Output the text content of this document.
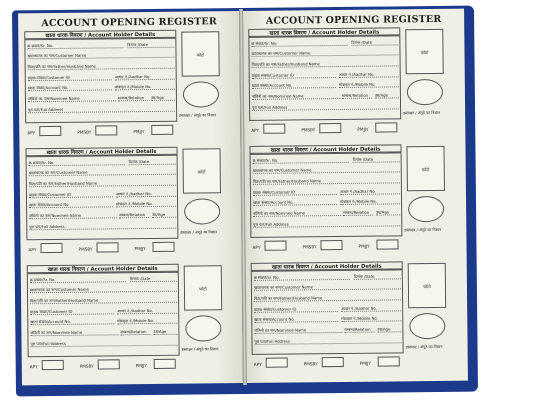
ACCOUNT OPENING REGISTER
खाता धारक विवरण / Account Holder Details
क्र संख्या/Sr. No.	दिनांक /Date
खाताधारक का नाम/Customer Name
पिता/पति का नाम/Father/Husband Name
ग्राहक संख्या/Customer ID	आधार नं./Aadhar No.
खाता संख्या/Account No.	मोबाइल नं./Mobile No.
नॉमिनी का नाम/Nominee Name	सम्बन्ध/Relation	उम्र/Age
पूरा पता/Full Address
फोटो
हस्ताक्षर / अंगूठे का निशान
APY	PMSBY	PMJJY
खाता धारक विवरण / Account Holder Details
क्र संख्या/Sr. No.	दिनांक /Date
खाताधारक का नाम/Customer Name
पिता/पति का नाम/Father/Husband Name
ग्राहक संख्या/Customer ID	आधार नं./Aadhar No.
खाता संख्या/Account No.	मोबाइल नं./Mobile No.
नॉमिनी का नाम/Nominee Name	सम्बन्ध/Relation	उम्र/Age
पूरा पता/Full Address
फोटो
हस्ताक्षर / अंगूठे का निशान
APY	PMSBY	PMJJY
खाता धारक विवरण / Account Holder Details
क्र संख्या/Sr. No.	दिनांक /Date
खाताधारक का नाम/Customer Name
पिता/पति का नाम/Father/Husband Name
ग्राहक संख्या/Customer ID	आधार नं./Aadhar No.
खाता संख्या/Account No.	मोबाइल नं./Mobile No.
नॉमिनी का नाम/Nominee Name	सम्बन्ध/Relation	उम्र/Age
पूरा पता/Full Address
फोटो
हस्ताक्षर / अंगूठे का निशान
APY	PMSBY	PMJJY
ACCOUNT OPENING REGISTER
खाता धारक विवरण / Account Holder Details
क्र संख्या/Sr. No.	दिनांक /Date
खाताधारक का नाम/Customer Name
पिता/पति का नाम/Father/Husband Name
ग्राहक संख्या/Customer ID	आधार नं./Aadhar No.
खाता संख्या/Account No.	मोबाइल नं./Mobile No.
नॉमिनी का नाम/Nominee Name	सम्बन्ध/Relation	उम्र/Age
पूरा पता/Full Address
फोटो
हस्ताक्षर / अंगूठे का निशान
APY	PMSBY	PMJJY
खाता धारक विवरण / Account Holder Details
क्र संख्या/Sr. No.	दिनांक /Date
खाताधारक का नाम/Customer Name
पिता/पति का नाम/Father/Husband Name
ग्राहक संख्या/Customer ID	आधार नं./Aadhar No.
खाता संख्या/Account No.	मोबाइल नं./Mobile No.
नॉमिनी का नाम/Nominee Name	सम्बन्ध/Relation	उम्र/Age
पूरा पता/Full Address
फोटो
हस्ताक्षर / अंगूठे का निशान
APY	PMSBY	PMJJY
खाता धारक विवरण / Account Holder Details
क्र संख्या/Sr. No.	दिनांक /Date
खाताधारक का नाम/Customer Name
पिता/पति का नाम/Father/Husband Name
ग्राहक संख्या/Customer ID	आधार नं./Aadhar No.
खाता संख्या/Account No.	मोबाइल नं./Mobile No.
नॉमिनी का नाम/Nominee Name	सम्बन्ध/Relation	उम्र/Age
पूरा पता/Full Address
फोटो
हस्ताक्षर / अंगूठे का निशान
APY	PMSBY	PMJJY
